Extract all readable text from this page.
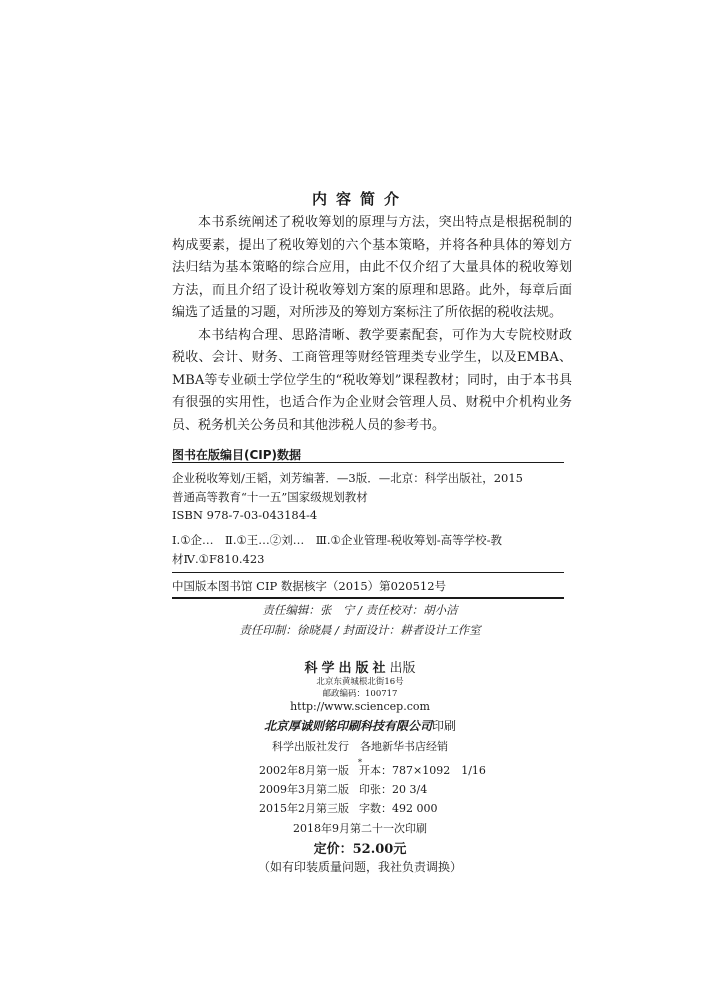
内容简介

本书系统阐述了税收筹划的原理与方法，突出特点是根据税制的构成要素，提出了税收筹划的六个基本策略，并将各种具体的筹划方法归结为基本策略的综合应用，由此不仅介绍了大量具体的税收筹划方法，而且介绍了设计税收筹划方案的原理和思路。此外，每章后面编选了适量的习题，对所涉及的筹划方案标注了所依据的税收法规。

本书结构合理、思路清晰、教学要素配套，可作为大专院校财政税收、会计、财务、工商管理等财经管理类专业学生，以及EMBA、MBA等专业硕士学位学生的“税收筹划”课程教材；同时，由于本书具有很强的实用性，也适合作为企业财会管理人员、财税中介机构业务员、税务机关公务员和其他涉税人员的参考书。

图书在版编目(CIP)数据
企业税收筹划/王韬，刘芳编著．—3版．—北京：科学出版社，2015
普通高等教育“十一五”国家级规划教材
ISBN 978-7-03-043184-4
Ⅰ.①企…　Ⅱ.①王…②刘…　Ⅲ.①企业管理-税收筹划-高等学校-教
材Ⅳ.①F810.423
中国版本图书馆 CIP 数据核字（2015）第020512号
责任编辑：张　宁 / 责任校对：胡小洁
责任印制：徐晓晨 / 封面设计：耕者设计工作室
科学出版社出版
北京东黄城根北街16号
邮政编码：100717
http://www.sciencep.com
北京厚诚则铭印刷科技有限公司印刷
科学出版社发行　各地新华书店经销
*
2002年8月第一版 开本：787×1092　1/16
2009年3月第二版 印张：20 3/4
2015年2月第三版 字数：492 000
2018年9月第二十一次印刷
定价：52.00元
（如有印装质量问题，我社负责调换）
